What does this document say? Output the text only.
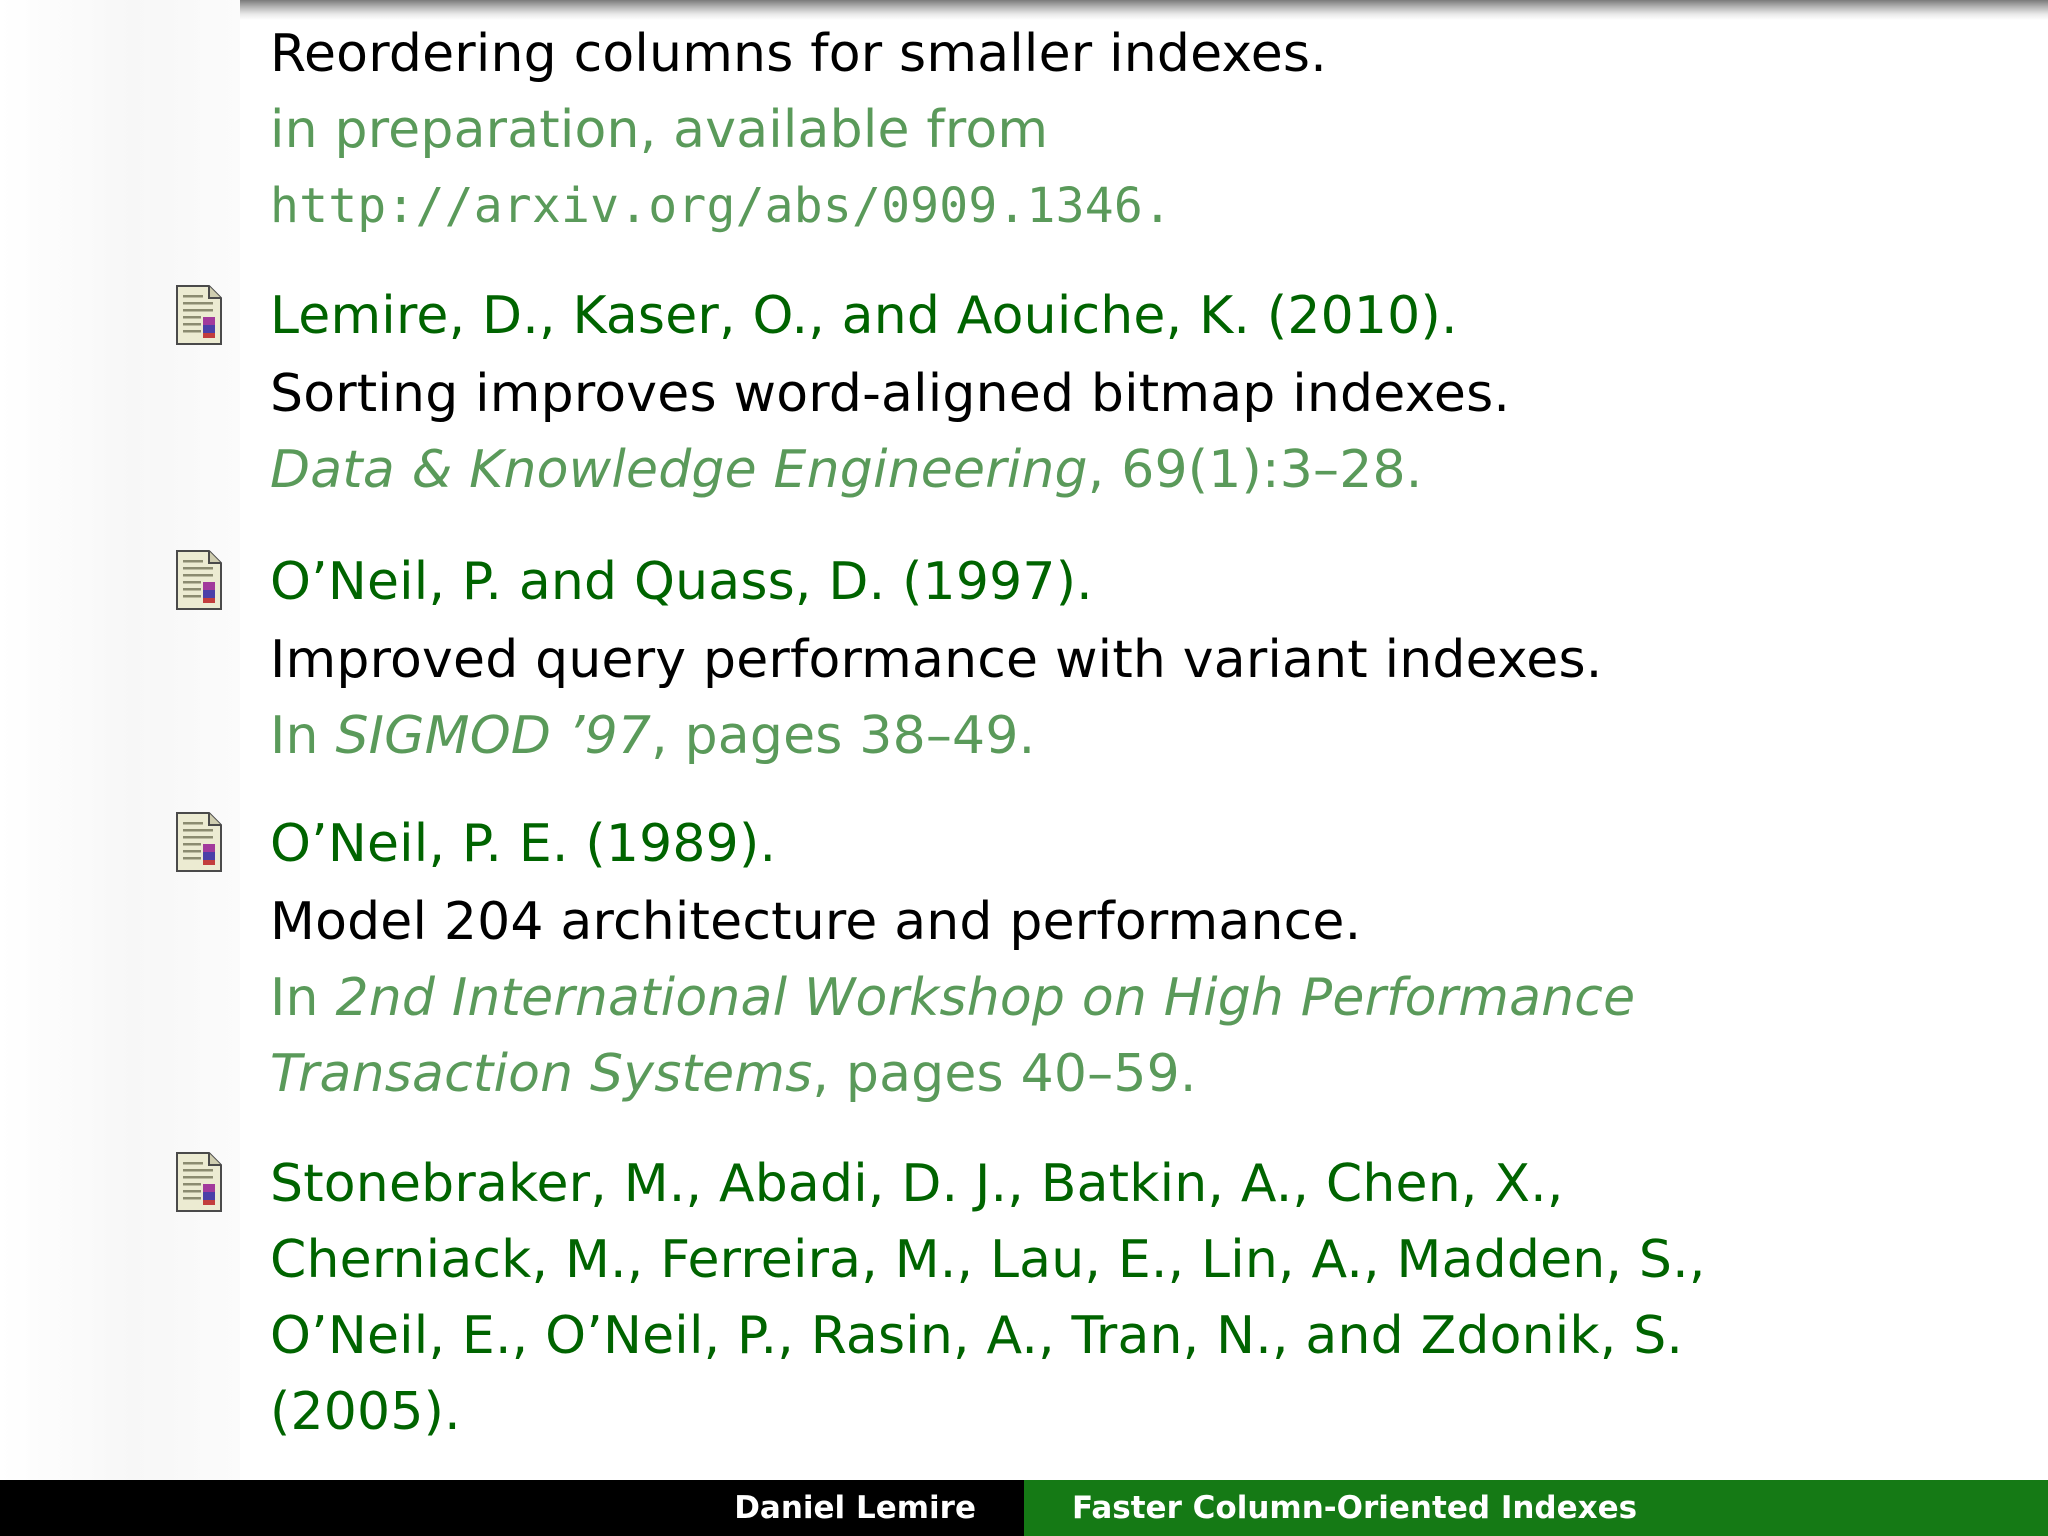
Reordering columns for smaller indexes.
in preparation, available from
http://arxiv.org/abs/0909.1346.
Lemire, D., Kaser, O., and Aouiche, K. (2010).
Sorting improves word-aligned bitmap indexes.
Data & Knowledge Engineering, 69(1):3–28.
O’Neil, P. and Quass, D. (1997).
Improved query performance with variant indexes.
In SIGMOD ’97, pages 38–49.
O’Neil, P. E. (1989).
Model 204 architecture and performance.
In 2nd International Workshop on High Performance
Transaction Systems, pages 40–59.
Stonebraker, M., Abadi, D. J., Batkin, A., Chen, X.,
Cherniack, M., Ferreira, M., Lau, E., Lin, A., Madden, S.,
O’Neil, E., O’Neil, P., Rasin, A., Tran, N., and Zdonik, S.
(2005).
Daniel Lemire	Faster Column-Oriented Indexes
